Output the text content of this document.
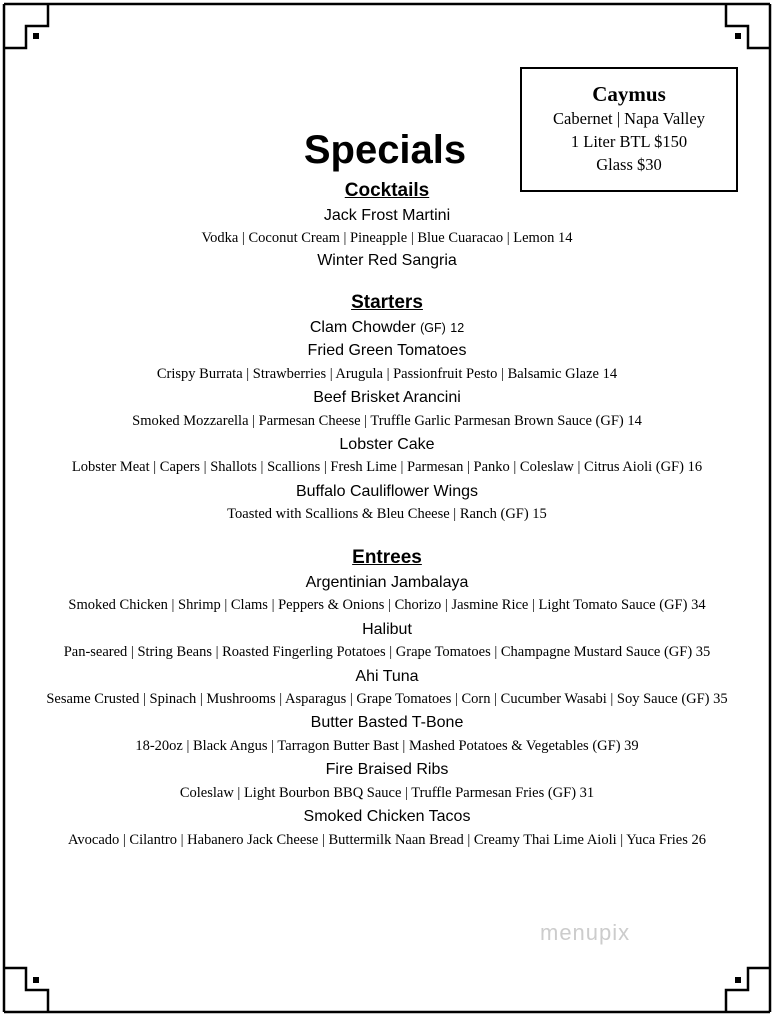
Caymus
Cabernet | Napa Valley
1 Liter BTL $150
Glass $30
Specials
Cocktails
Jack Frost Martini
Vodka | Coconut Cream | Pineapple | Blue Cuaracao | Lemon 14
Winter Red Sangria
Starters
Clam Chowder (GF) 12
Fried Green Tomatoes
Crispy Burrata | Strawberries | Arugula | Passionfruit Pesto | Balsamic Glaze 14
Beef Brisket Arancini
Smoked Mozzarella | Parmesan Cheese | Truffle Garlic Parmesan Brown Sauce (GF) 14
Lobster Cake
Lobster Meat | Capers | Shallots | Scallions | Fresh Lime | Parmesan | Panko | Coleslaw | Citrus Aioli (GF) 16
Buffalo Cauliflower Wings
Toasted with Scallions & Bleu Cheese | Ranch (GF) 15
Entrees
Argentinian Jambalaya
Smoked Chicken | Shrimp | Clams | Peppers & Onions | Chorizo | Jasmine Rice | Light Tomato Sauce (GF) 34
Halibut
Pan-seared | String Beans | Roasted Fingerling Potatoes | Grape Tomatoes | Champagne Mustard Sauce (GF) 35
Ahi Tuna
Sesame Crusted | Spinach | Mushrooms | Asparagus | Grape Tomatoes | Corn | Cucumber Wasabi | Soy Sauce (GF) 35
Butter Basted T-Bone
18-20oz | Black Angus | Tarragon Butter Bast | Mashed Potatoes & Vegetables (GF) 39
Fire Braised Ribs
Coleslaw | Light Bourbon BBQ Sauce | Truffle Parmesan Fries (GF) 31
Smoked Chicken Tacos
Avocado | Cilantro | Habanero Jack Cheese | Buttermilk Naan Bread | Creamy Thai Lime Aioli | Yuca Fries 26
menupix
